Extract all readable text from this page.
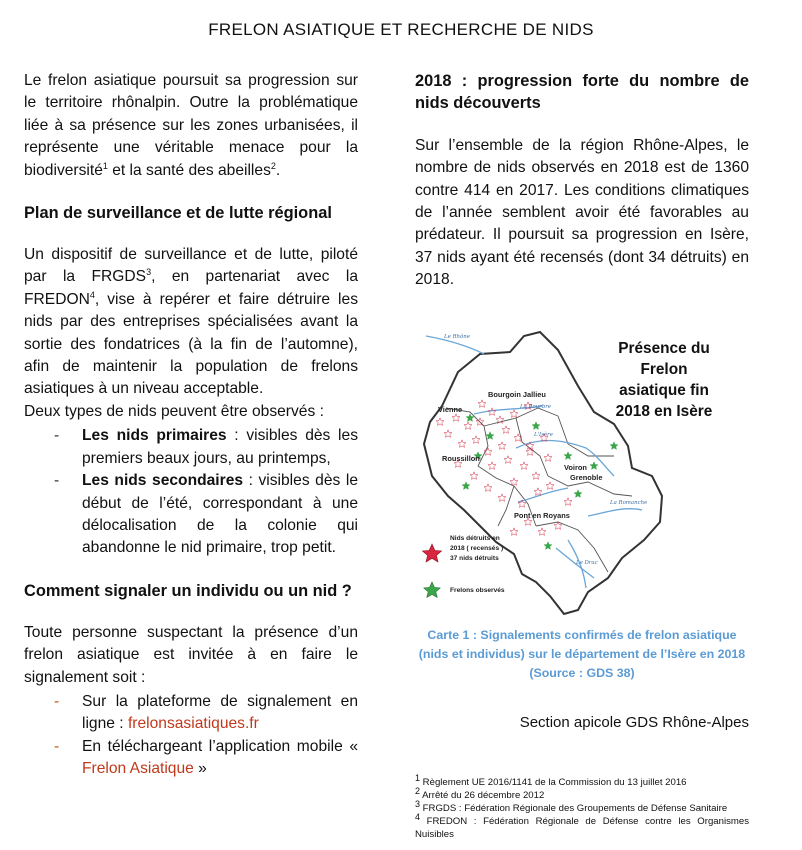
FRELON ASIATIQUE ET RECHERCHE DE NIDS

Le frelon asiatique poursuit sa progression sur le territoire rhônalpin. Outre la problématique liée à sa présence sur les zones urbanisées, il représente une véritable menace pour la biodiversité$^1$ et la santé des abeilles$^2$.

Plan de surveillance et de lutte régional

Un dispositif de surveillance et de lutte, piloté par la FRGDS$^3$, en partenariat avec la FREDON$^4$, vise à repérer et faire détruire les nids par des entreprises spécialisées avant la sortie des fondatrices (à la fin de l’automne), afin de maintenir la population de frelons asiatiques à un niveau acceptable.

Deux types de nids peuvent être observés :

- Les nids primaires : visibles dès les premiers beaux jours, au printemps,
- Les nids secondaires : visibles dès le début de l’été, correspondant à une délocalisation de la colonie qui abandonne le nid primaire, trop petit.
Comment signaler un individu ou un nid ?

Toute personne suspectant la présence d’un frelon asiatique est invitée à en faire le signalement soit :

- Sur la plateforme de signalement en ligne : frelonsasiatiques.fr
- En téléchargeant l’application mobile « Frelon Asiatique »
2018 : progression forte du nombre de nids découverts

Sur l’ensemble de la région Rhône-Alpes, le nombre de nids observés en 2018 est de 1360 contre 414 en 2017. Les conditions climatiques de l’année semblent avoir été favorables au prédateur. Il poursuit sa progression en Isère, 37 nids ayant été recensés (dont 34 détruits) en 2018.

Le Rhône
La Bourbre
L'Isère
La Romanche
Le Drac
Vienne
Bourgoin Jallieu
Roussillon
Voiron
Grenoble
Pont en Royans
Présence du
Frelon
asiatique fin
2018 en Isère
Nids détruits en
2018 ( recensés )
37 nids détruits
Frelons observés
Carte 1 : Signalements confirmés de frelon asiatique
(nids et individus) sur le département de l’Isère en 2018
(Source : GDS 38)
Section apicole GDS Rhône-Alpes

$^1$ Règlement UE 2016/1141 de la Commission du 13 juillet 2016

$^2$ Arrêté du 26 décembre 2012

$^3$ FRGDS : Fédération Régionale des Groupements de Défense Sanitaire

$^4$ FREDON : Fédération Régionale de Défense contre les Organismes Nuisibles
